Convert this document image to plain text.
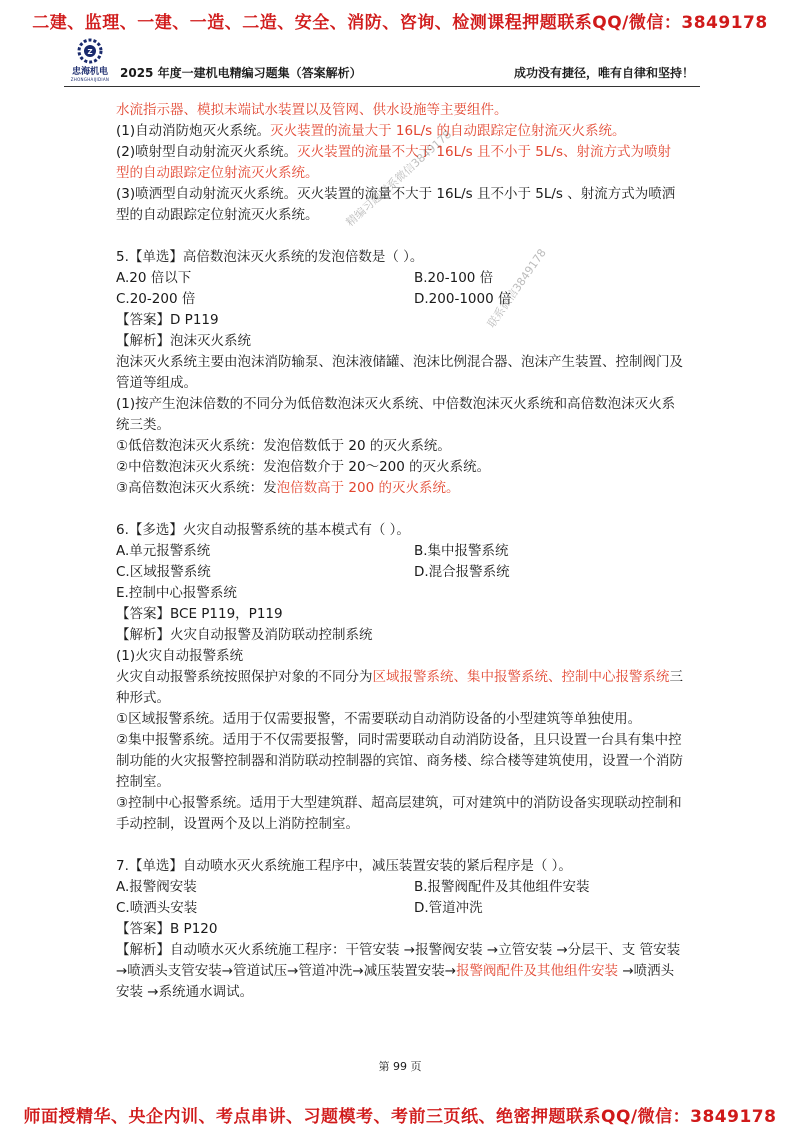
二建、监理、一建、一造、二造、安全、消防、咨询、检测课程押题联系QQ/微信：3849178
Z
忠海机电
ZHONGHAIJIDIAN 2025 年度一建机电精编习题集（答案解析）	成功没有捷径，唯有自律和坚持！

水流指示器、模拟末端试水装置以及管网、供水设施等主要组件。

(1)自动消防炮灭火系统。灭火装置的流量大于 16L/s 的自动跟踪定位射流灭火系统。

(2)喷射型自动射流灭火系统。灭火装置的流量不大于 16L/s 且不小于 5L/s、射流方式为喷射型的自动跟踪定位射流灭火系统。

(3)喷洒型自动射流灭火系统。灭火装置的流量不大于 16L/s 且不小于 5L/s 、射流方式为喷洒型的自动跟踪定位射流灭火系统。

5.【单选】高倍数泡沫灭火系统的发泡倍数是（ ）。

A.20 倍以下	B.20-100 倍
C.20-200 倍	D.200-1000 倍

【答案】D P119

【解析】泡沫灭火系统

泡沫灭火系统主要由泡沫消防输泵、泡沫液储罐、泡沫比例混合器、泡沫产生装置、控制阀门及管道等组成。

(1)按产生泡沫倍数的不同分为低倍数泡沫灭火系统、中倍数泡沫灭火系统和高倍数泡沫灭火系统三类。

①低倍数泡沫灭火系统：发泡倍数低于 20 的灭火系统。

②中倍数泡沫灭火系统：发泡倍数介于 20～200 的灭火系统。

③高倍数泡沫灭火系统：发泡倍数高于 200 的灭火系统。

6.【多选】火灾自动报警系统的基本模式有（ ）。

A.单元报警系统	B.集中报警系统
C.区域报警系统	D.混合报警系统

E.控制中心报警系统

【答案】BCE P119，P119

【解析】火灾自动报警及消防联动控制系统

(1)火灾自动报警系统

火灾自动报警系统按照保护对象的不同分为区域报警系统、集中报警系统、控制中心报警系统三种形式。

①区域报警系统。适用于仅需要报警，不需要联动自动消防设备的小型建筑等单独使用。

②集中报警系统。适用于不仅需要报警，同时需要联动自动消防设备，且只设置一台具有集中控制功能的火灾报警控制器和消防联动控制器的宾馆、商务楼、综合楼等建筑使用，设置一个消防控制室。

③控制中心报警系统。适用于大型建筑群、超高层建筑，可对建筑中的消防设备实现联动控制和手动控制，设置两个及以上消防控制室。

7.【单选】自动喷水灭火系统施工程序中，减压装置安装的紧后程序是（ ）。

A.报警阀安装	B.报警阀配件及其他组件安装
C.喷洒头安装	D.管道冲洗

【答案】B P120

【解析】自动喷水灭火系统施工程序：干管安装 →报警阀安装 →立管安装 →分层干、支 管安装→喷洒头支管安装→管道试压→管道冲洗→减压装置安装→报警阀配件及其他组件安装 →喷洒头安装 →系统通水调试。

精编习题联系微信3849178
联系微信3849178
第 99 页
师面授精华、央企内训、考点串讲、习题模考、考前三页纸、绝密押题联系QQ/微信：3849178
